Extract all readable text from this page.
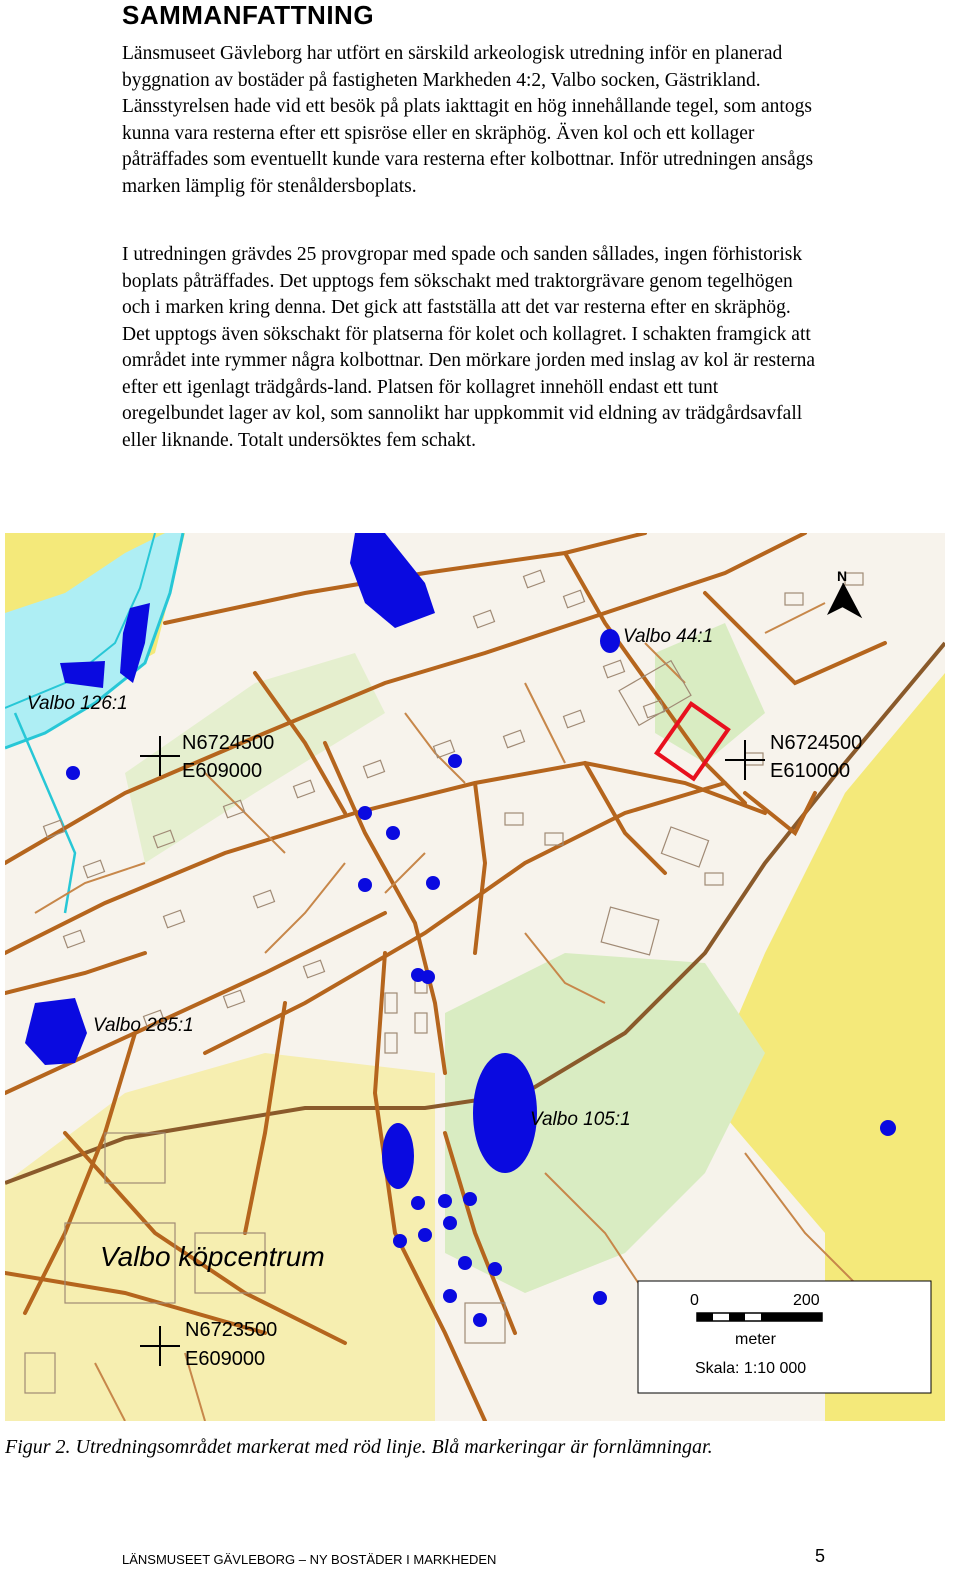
SAMMANFATTNING

Länsmuseet Gävleborg har utfört en särskild arkeologisk utredning inför en planerad byggnation av bostäder på fastigheten Markheden 4:2, Valbo socken, Gästrikland. Länsstyrelsen hade vid ett besök på plats iakttagit en hög innehållande tegel, som antogs kunna vara resterna efter ett spisröse eller en skräphög. Även kol och ett kollager påträffades som eventuellt kunde vara resterna efter kolbottnar. Inför utredningen ansågs marken lämplig för stenåldersboplats.

I utredningen grävdes 25 provgropar med spade och sanden sållades, ingen förhistorisk boplats påträffades. Det upptogs fem sökschakt med traktorgrävare genom tegelhögen och i marken kring denna. Det gick att fastställa att det var resterna efter en skräphög. Det upptogs även sökschakt för platserna för kolet och kollagret. I schakten framgick att området inte rymmer några kolbottnar. Den mörkare jorden med inslag av kol är resterna efter ett igenlagt trädgårds-land. Platsen för kollagret innehöll endast ett tunt oregelbundet lager av kol, som sannolikt har uppkommit vid eldning av trädgårdsavfall eller liknande. Totalt undersöktes fem schakt.

Valbo 44:1
Valbo 126:1
Valbo 285:1
Valbo 105:1
Valbo köpcentrum
N6724500
E609000
N6724500
E610000
N6723500
E609000
N
0	200
meter
Skala: 1:10 000
Figur 2. Utredningsområdet markerat med röd linje. Blå markeringar är fornlämningar.
LÄNSMUSEET GÄVLEBORG – NY BOSTÄDER I MARKHEDEN	5
